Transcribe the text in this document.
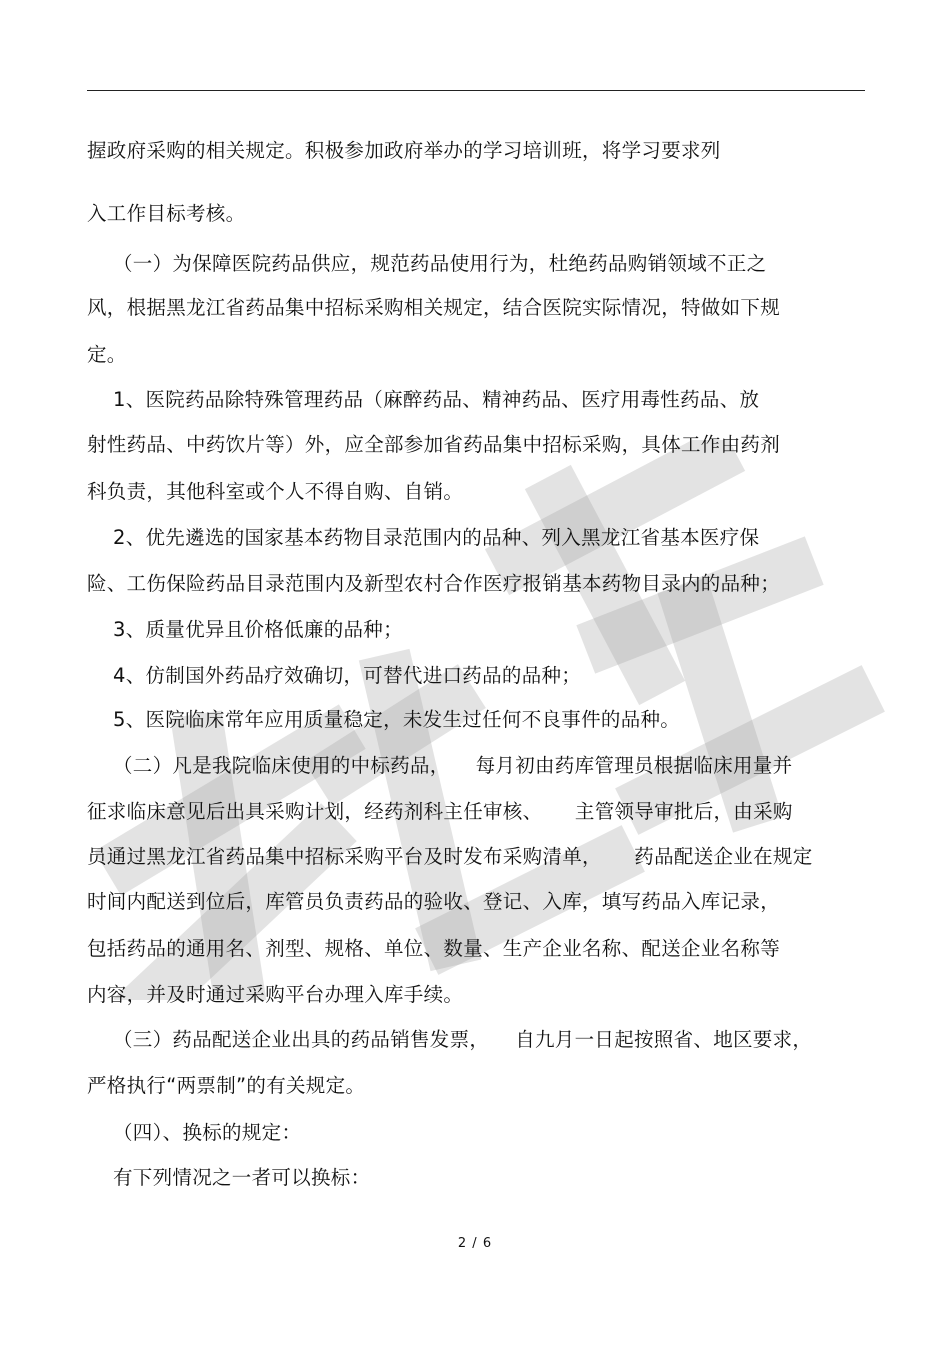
握政府采购的相关规定。积极参加政府举办的学习培训班，将学习要求列
入工作目标考核。
（一）为保障医院药品供应，规范药品使用行为，杜绝药品购销领域不正之
风，根据黑龙江省药品集中招标采购相关规定，结合医院实际情况，特做如下规
定。
1、医院药品除特殊管理药品（麻醉药品、精神药品、医疗用毒性药品、放
射性药品、中药饮片等）外，应全部参加省药品集中招标采购，具体工作由药剂
科负责，其他科室或个人不得自购、自销。
2、优先遴选的国家基本药物目录范围内的品种、列入黑龙江省基本医疗保
险、工伤保险药品目录范围内及新型农村合作医疗报销基本药物目录内的品种；
3、质量优异且价格低廉的品种；
4、仿制国外药品疗效确切，可替代进口药品的品种；
5、医院临床常年应用质量稳定，未发生过任何不良事件的品种。
（二）凡是我院临床使用的中标药品，    每月初由药库管理员根据临床用量并
征求临床意见后出具采购计划，经药剂科主任审核、     主管领导审批后，由采购
员通过黑龙江省药品集中招标采购平台及时发布采购清单，     药品配送企业在规定
时间内配送到位后，库管员负责药品的验收、登记、入库，填写药品入库记录，
包括药品的通用名、剂型、规格、单位、数量、生产企业名称、配送企业名称等
内容，并及时通过采购平台办理入库手续。
（三）药品配送企业出具的药品销售发票，    自九月一日起按照省、地区要求，
严格执行“两票制”的有关规定。
（四）、换标的规定：
有下列情况之一者可以换标：
2 / 6
